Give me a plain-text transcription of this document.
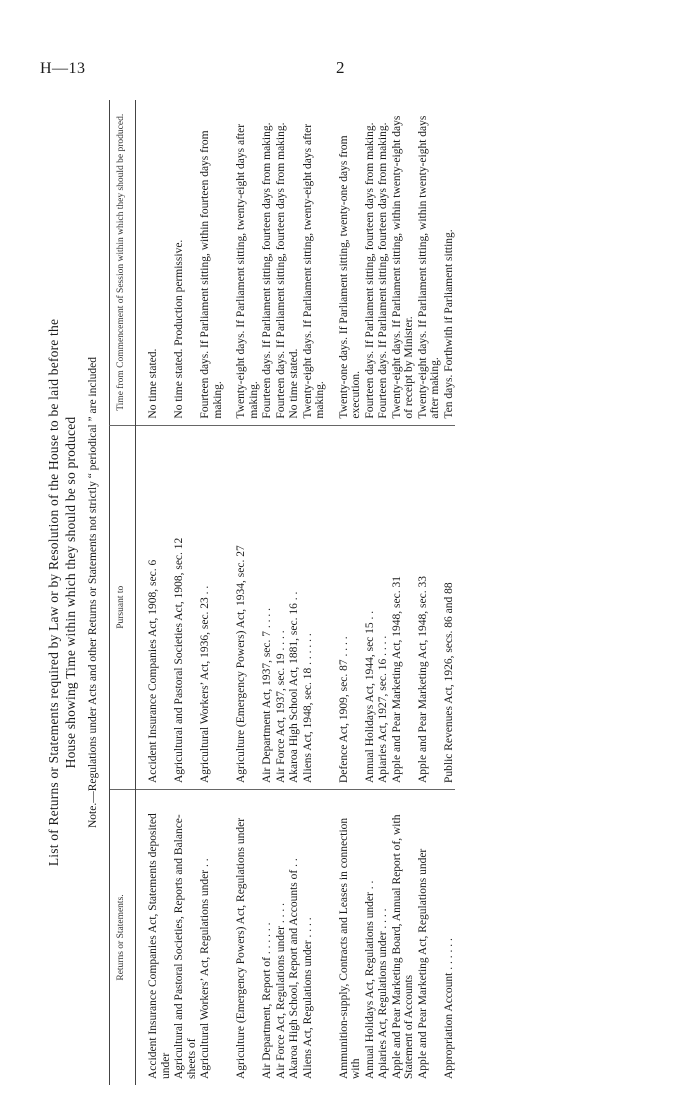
H—13	2
List of Returns or Statements required by Law or by Resolution of the House to be laid before the House showing Time within which they should be so produced Note.—Regulations under Acts and other Returns or Statements not strictly “ periodical ” are included
Returns or Statements.	Pursuant to	Time from Commencement of Session within which they should be produced.

Accident Insurance Companies Act, Statements deposited under	Accident Insurance Companies Act, 1908, sec. 6	No time stated.
Agricultural and Pastoral Societies, Reports and Balance-sheets of	Agricultural and Pastoral Societies Act, 1908, sec. 12	No time stated. Production permissive.
Agricultural Workers’ Act, Regulations under . .	Agricultural Workers’ Act, 1936, sec. 23 . .	Fourteen days. If Parliament sitting, within fourteen days from making.

Agriculture (Emergency Powers) Act, Regulations under	Agriculture (Emergency Powers) Act, 1934, sec. 27	Twenty-eight days. If Parliament sitting, twenty-eight days after making.
Air Department, Report of . . . . . .	Air Department Act, 1937, sec. 7 . . . .	Fourteen days. If Parliament sitting, fourteen days from making.
Air Force Act, Regulations under . . . .	Air Force Act, 1937, sec. 19 . . . .	Fourteen days. If Parliament sitting, fourteen days from making.
Akaroa High School, Report and Accounts of . .	Akaroa High School Act, 1881, sec. 16 . .	No time stated.
Aliens Act, Regulations under . . . .	Aliens Act, 1948, sec. 18 . . . . . .	Twenty-eight days. If Parliament sitting, twenty-eight days after making.

Ammunition-supply, Contracts and Leases in connection with	Defence Act, 1909, sec. 87 . . . .	Twenty-one days. If Parliament sitting, twenty-one days from execution.
Annual Holidays Act, Regulations under . .	Annual Holidays Act, 1944, sec 15 . .	Fourteen days. If Parliament sitting, fourteen days from making.
Apiaries Act, Regulations under . . . .	Apiaries Act, 1927, sec. 16 . . . .	Fourteen days. If Parliament sitting, fourteen days from making.
Apple and Pear Marketing Board, Annual Report of, with Statement of Accounts	Apple and Pear Marketing Act, 1948, sec. 31	Twenty-eight days. If Parliament sitting, within twenty-eight days of receipt by Minister.
Apple and Pear Marketing Act, Regulations under	Apple and Pear Marketing Act, 1948, sec. 33	Twenty-eight days. If Parliament sitting, within twenty-eight days after making.
Appropriation Account . . . . . .	Public Revenues Act, 1926, secs. 86 and 88	Ten days. Forthwith if Parliament sitting.
